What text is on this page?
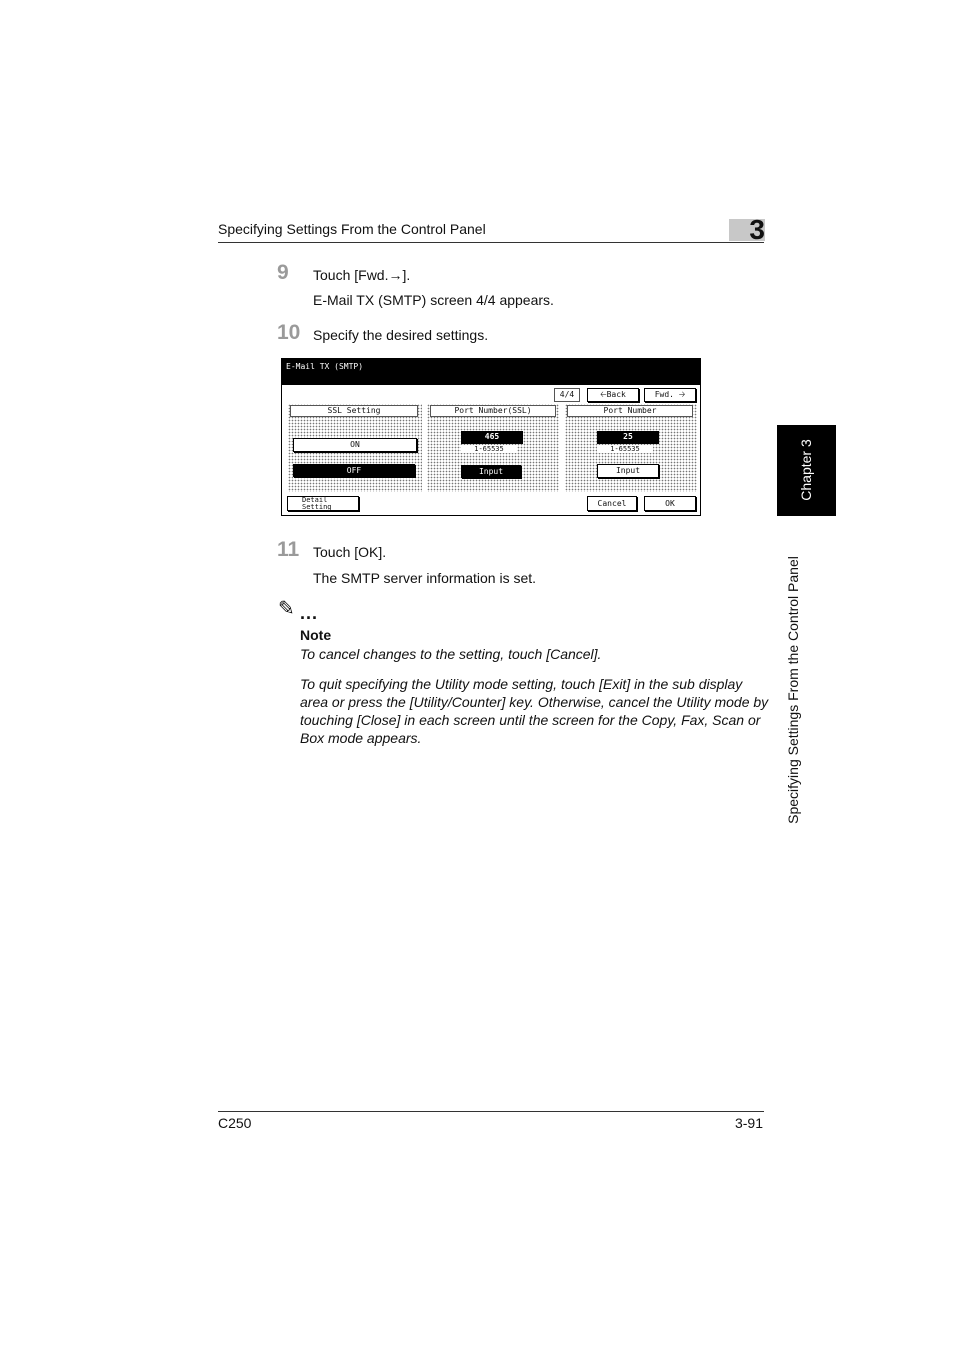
Specifying Settings From the Control Panel	3
9 Touch [Fwd.→].
E-Mail TX (SMTP) screen 4/4 appears.
10 Specify the desired settings.
E-Mail TX (SMTP)
4/4	🡠 Back	Fwd.
🡢
SSL Setting
ON
OFF
Port Number(SSL)
465
1-65535
Input
Port Number
25
1-65535
Input
Detail
Setting	Cancel	OK
11 Touch [OK].
The SMTP server information is set.
✎ ...
Note
To cancel changes to the setting, touch [Cancel].
To quit specifying the Utility mode setting, touch [Exit] in the sub display area or press the [Utility/Counter] key. Otherwise, cancel the Utility mode by touching [Close] in each screen until the screen for the Copy, Fax, Scan or Box mode appears.
Chapter 3
Specifying Settings From the Control Panel
C250	3-91
